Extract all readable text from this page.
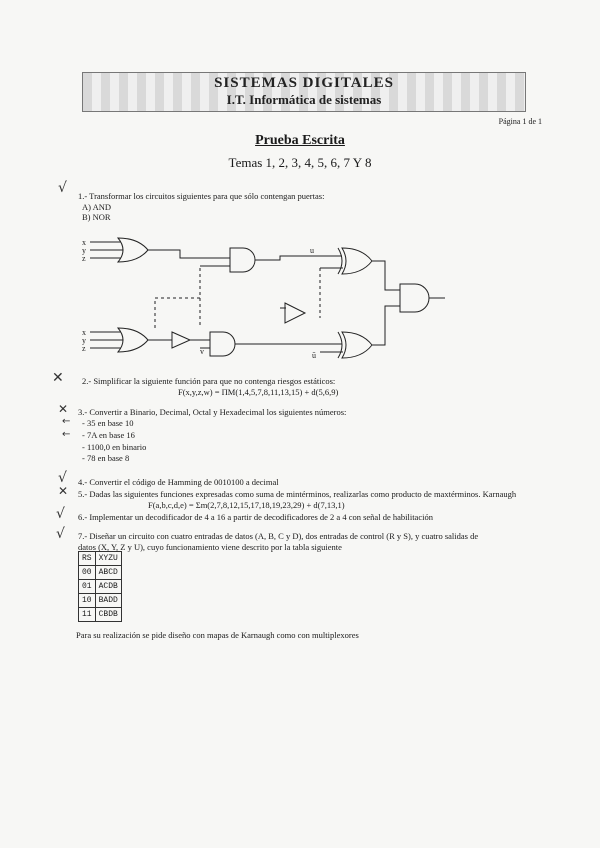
SISTEMAS DIGITALES
I.T. Informática de sistemas
Página 1 de 1
Prueba Escrita
Temas 1, 2, 3, 4, 5, 6, 7 Y 8
√ 1.- Transformar los circuitos siguientes para que sólo contengan puertas:
A) AND
B) NOR
x
y
z
x
y
z
u
v	ū
✕ 2.- Simplificar la siguiente función para que no contenga riesgos estáticos:
F(x,y,z,w) = ΠM(1,4,5,7,8,11,13,15) + d(5,6,9)
✕ 3.- Convertir a Binario, Decimal, Octal y Hexadecimal los siguientes números:
← - 35 en base 10
← - 7A en base 16
- 1100,0 en binario
- 78 en base 8
√ 4.- Convertir el código de Hamming de 0010100 a decimal
✕ 5.- Dadas las siguientes funciones expresadas como suma de mintérminos, realizarlas como producto de maxtérminos. Karnaugh
F(a,b,c,d,e) = Σm(2,7,8,12,15,17,18,19,23,29) + d(7,13,1)
√ 6.- Implementar un decodificador de 4 a 16 a partir de decodificadores de 2 a 4 con señal de habilitación
√ 7.- Diseñar un circuito con cuatro entradas de datos (A, B, C y D), dos entradas de control (R y S), y cuatro salidas de
datos (X, Y, Z y U), cuyo funcionamiento viene descrito por la tabla siguiente
RS	XYZU
00	ABCD
01	ACDB
10	BADD
11	CBDB
Para su realización se pide diseño con mapas de Karnaugh como con multiplexores
